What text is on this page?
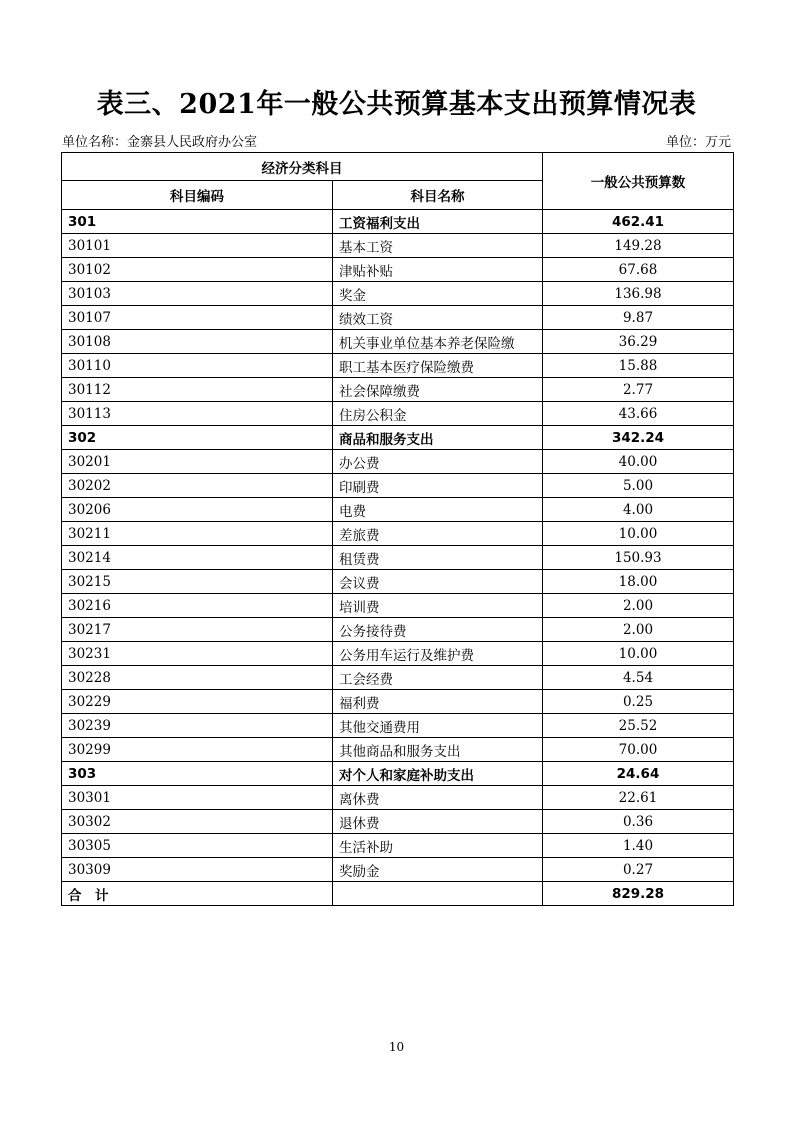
表三、2021年一般公共预算基本支出预算情况表
单位名称：金寨县人民政府办公室	单位：万元
经济分类科目		一般公共预算数
科目编码	科目名称	
301	工资福利支出	462.41
30101	基本工资	149.28
30102	津贴补贴	67.68
30103	奖金	136.98
30107	绩效工资	9.87
30108	机关事业单位基本养老保险缴	36.29
30110	职工基本医疗保险缴费	15.88
30112	社会保障缴费	2.77
30113	住房公积金	43.66
302	商品和服务支出	342.24
30201	办公费	40.00
30202	印刷费	5.00
30206	电费	4.00
30211	差旅费	10.00
30214	租赁费	150.93
30215	会议费	18.00
30216	培训费	2.00
30217	公务接待费	2.00
30231	公务用车运行及维护费	10.00
30228	工会经费	4.54
30229	福利费	0.25
30239	其他交通费用	25.52
30299	其他商品和服务支出	70.00
303	对个人和家庭补助支出	24.64
30301	离休费	22.61
30302	退休费	0.36
30305	生活补助	1.40
30309	奖励金	0.27
合　计		829.28
10
